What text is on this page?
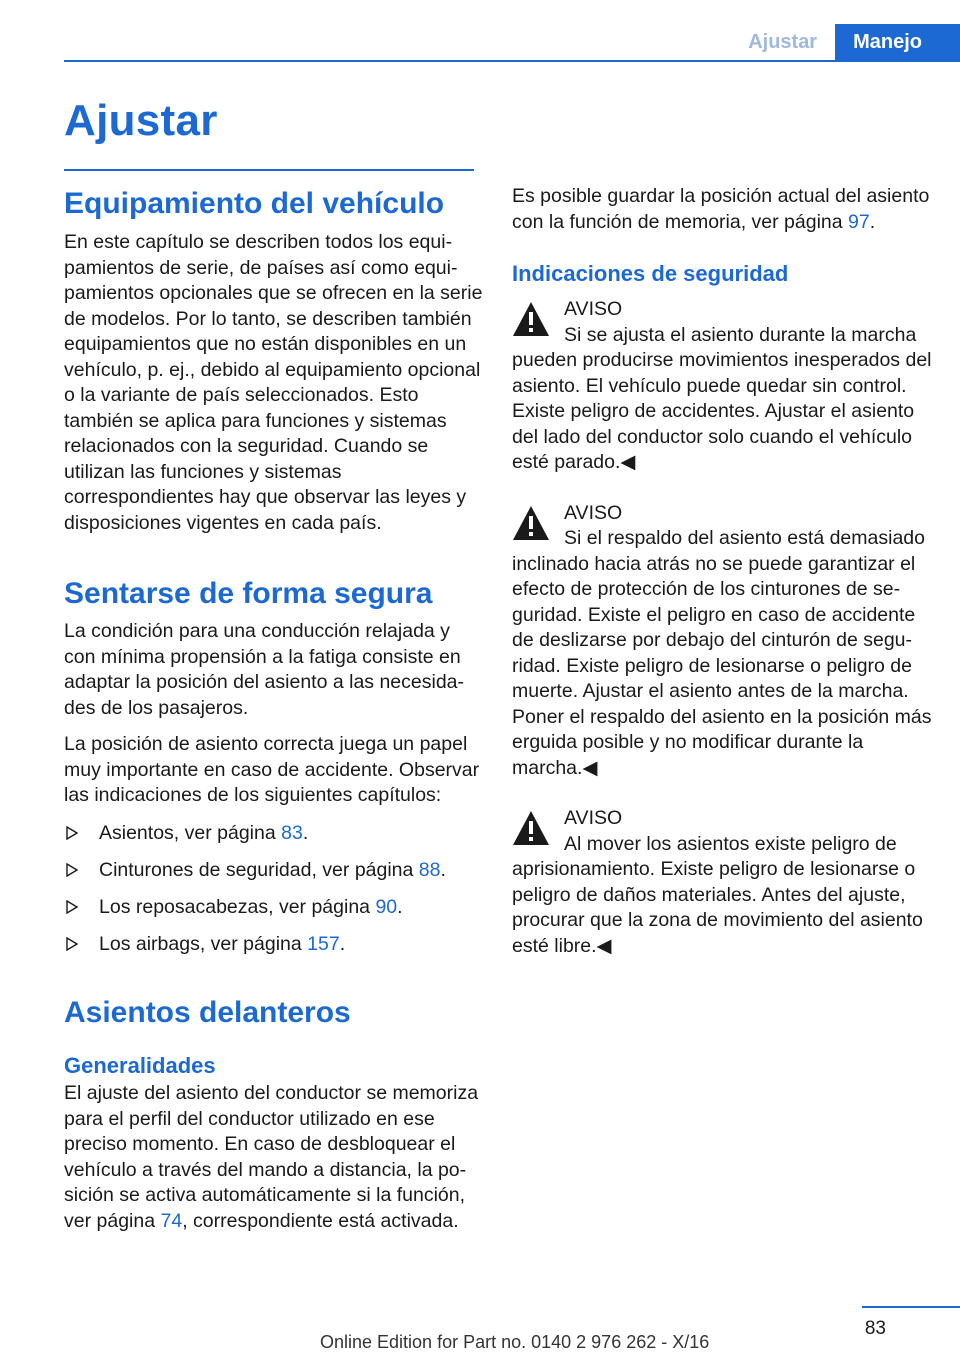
Ajustar	Manejo
Ajustar
Equipamiento del vehículo

En este capítulo se describen todos los equipamientos de serie, de países así como equipamientos opcionales que se ofrecen en la serie de modelos. Por lo tanto, se describen también equipamientos que no están disponibles en un vehículo, p. ej., debido al equipamiento opcional o la variante de país seleccionados. Esto también se aplica para funciones y sistemas relacionados con la seguridad. Cuando se utilizan las funciones y sistemas correspondientes hay que observar las leyes y disposiciones vigentes en cada país.

Sentarse de forma segura

La condición para una conducción relajada y con mínima propensión a la fatiga consiste en adaptar la posición del asiento a las necesidades de los pasajeros.

La posición de asiento correcta juega un papel muy importante en caso de accidente. Observar las indicaciones de los siguientes capítulos:

Asientos, ver página 83.
Cinturones de seguridad, ver página 88.
Los reposacabezas, ver página 90.
Los airbags, ver página 157.
Asientos delanteros
Generalidades

El ajuste del asiento del conductor se memoriza para el perfil del conductor utilizado en ese preciso momento. En caso de desbloquear el vehículo a través del mando a distancia, la posición se activa automáticamente si la función, ver página 74, correspondiente está activada.

Es posible guardar la posición actual del asiento con la función de memoria, ver página 97.

Indicaciones de seguridad

AVISO

Si se ajusta el asiento durante la marcha pueden producirse movimientos inesperados del asiento. El vehículo puede quedar sin control. Existe peligro de accidentes. Ajustar el asiento del lado del conductor solo cuando el vehículo esté parado.◀

AVISO

Si el respaldo del asiento está demasiado inclinado hacia atrás no se puede garantizar el efecto de protección de los cinturones de seguridad. Existe el peligro en caso de accidente de deslizarse por debajo del cinturón de seguridad. Existe peligro de lesionarse o peligro de muerte. Ajustar el asiento antes de la marcha. Poner el respaldo del asiento en la posición más erguida posible y no modificar durante la marcha.◀

AVISO

Al mover los asientos existe peligro de aprisionamiento. Existe peligro de lesionarse o peligro de daños materiales. Antes del ajuste, procurar que la zona de movimiento del asiento esté libre.◀

83
Online Edition for Part no. 0140 2 976 262 - X/16
